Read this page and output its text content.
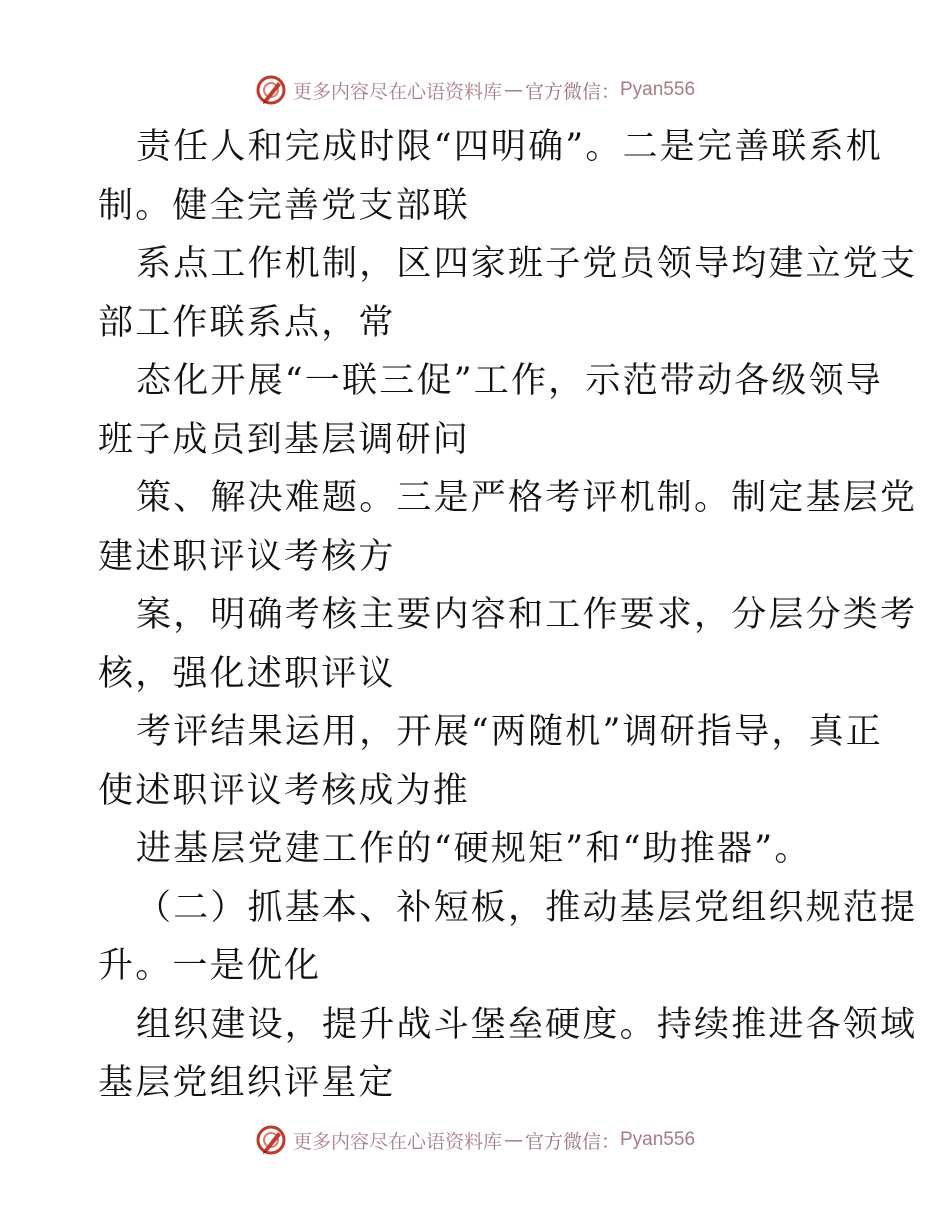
更多内容尽在心语资料库 — 官方微信： Pyan556
责任人和完成时限“四明确”。二是完善联系机
制。健全完善党支部联
系点工作机制，区四家班子党员领导均建立党支
部工作联系点，常
态化开展“一联三促”工作，示范带动各级领导
班子成员到基层调研问
策、解决难题。三是严格考评机制。制定基层党
建述职评议考核方
案，明确考核主要内容和工作要求，分层分类考
核，强化述职评议
考评结果运用，开展“两随机”调研指导，真正
使述职评议考核成为推
进基层党建工作的“硬规矩”和“助推器”。
（二）抓基本、补短板，推动基层党组织规范提
升。一是优化
组织建设，提升战斗堡垒硬度。持续推进各领域
基层党组织评星定
更多内容尽在心语资料库 — 官方微信： Pyan556
